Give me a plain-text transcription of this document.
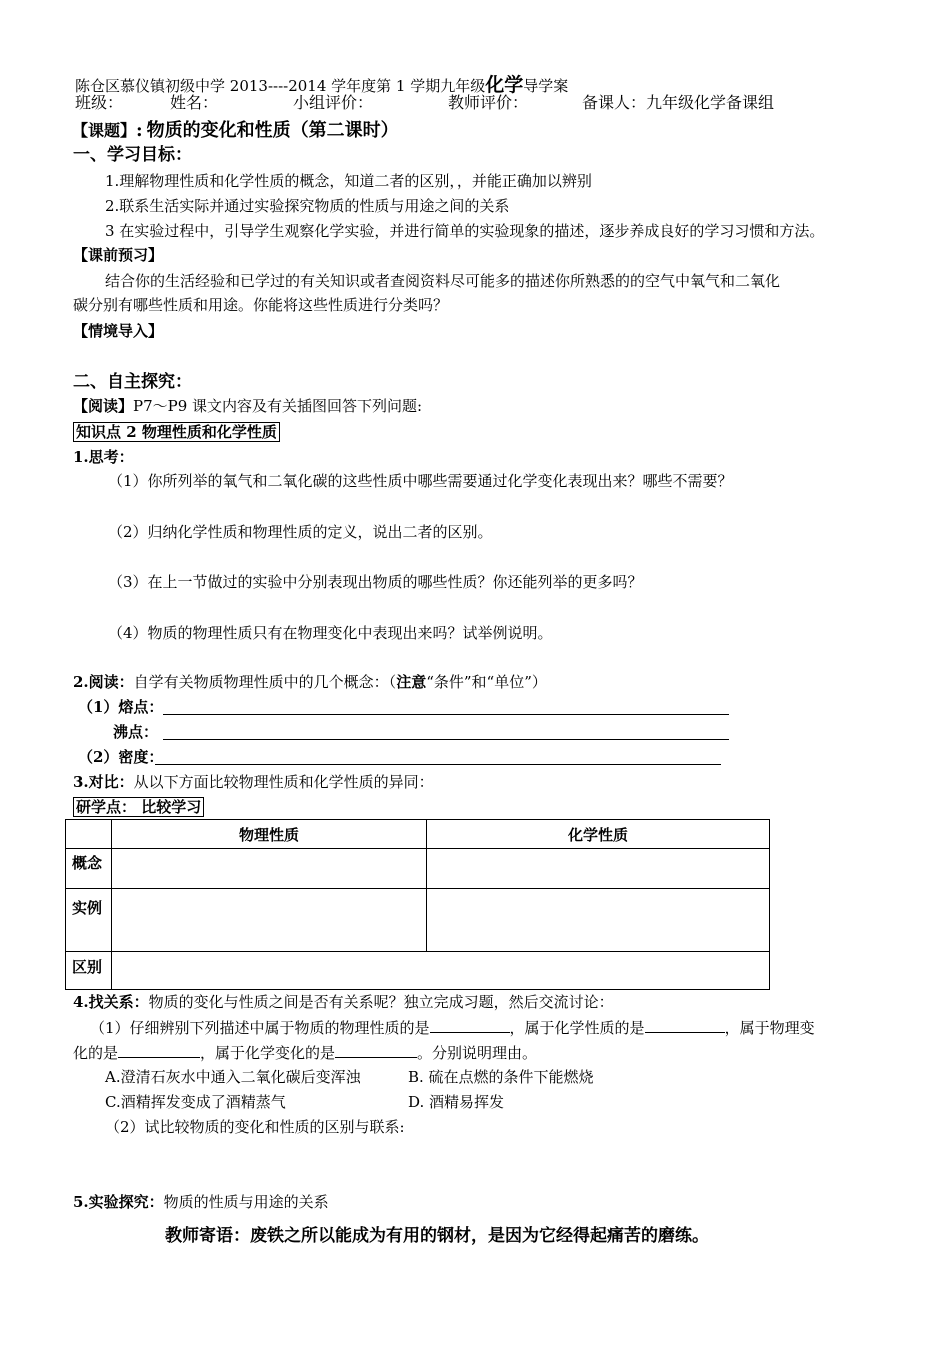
陈仓区慕仪镇初级中学 2013----2014 学年度第 1 学期九年级化学导学案
班级：	姓名：	小组评价：	教师评价：	备课人：九年级化学备课组
【课题】: 物质的变化和性质（第二课时）
一、学习目标：
1.理解物理性质和化学性质的概念，知道二者的区别，，并能正确加以辨别
2.联系生活实际并通过实验探究物质的性质与用途之间的关系
3 在实验过程中，引导学生观察化学实验，并进行简单的实验现象的描述，逐步养成良好的学习习惯和方法。
【课前预习】
结合你的生活经验和已学过的有关知识或者查阅资料尽可能多的描述你所熟悉的的空气中氧气和二氧化
碳分别有哪些性质和用途。你能将这些性质进行分类吗？
【情境导入】
二、自主探究：
【阅读】P7～P9 课文内容及有关插图回答下列问题:
知识点 2 物理性质和化学性质
1.思考：
（1）你所列举的氧气和二氧化碳的这些性质中哪些需要通过化学变化表现出来？哪些不需要？
（2）归纳化学性质和物理性质的定义，说出二者的区别。
（3）在上一节做过的实验中分别表现出物质的哪些性质？你还能列举的更多吗？
（4）物质的物理性质只有在物理变化中表现出来吗？试举例说明。
2.阅读：自学有关物质物理性质中的几个概念：（注意“条件”和“单位”）
（1）熔点：
沸点：
（2）密度：
3.对比：从以下方面比较物理性质和化学性质的异同：
研学点： 比较学习
	物理性质	化学性质
概念		
实例		
区别		
4.找关系：物质的变化与性质之间是否有关系呢？独立完成习题，然后交流讨论：
（1）仔细辨别下列描述中属于物质的物理性质的是	，属于化学性质的是	，属于物理变
化的是	，属于化学变化的是	。分别说明理由。
A.澄清石灰水中通入二氧化碳后变浑浊	B. 硫在点燃的条件下能燃烧
C.酒精挥发变成了酒精蒸气	D. 酒精易挥发
（2）试比较物质的变化和性质的区别与联系:
5.实验探究：物质的性质与用途的关系
教师寄语：废铁之所以能成为有用的钢材，是因为它经得起痛苦的磨练。
